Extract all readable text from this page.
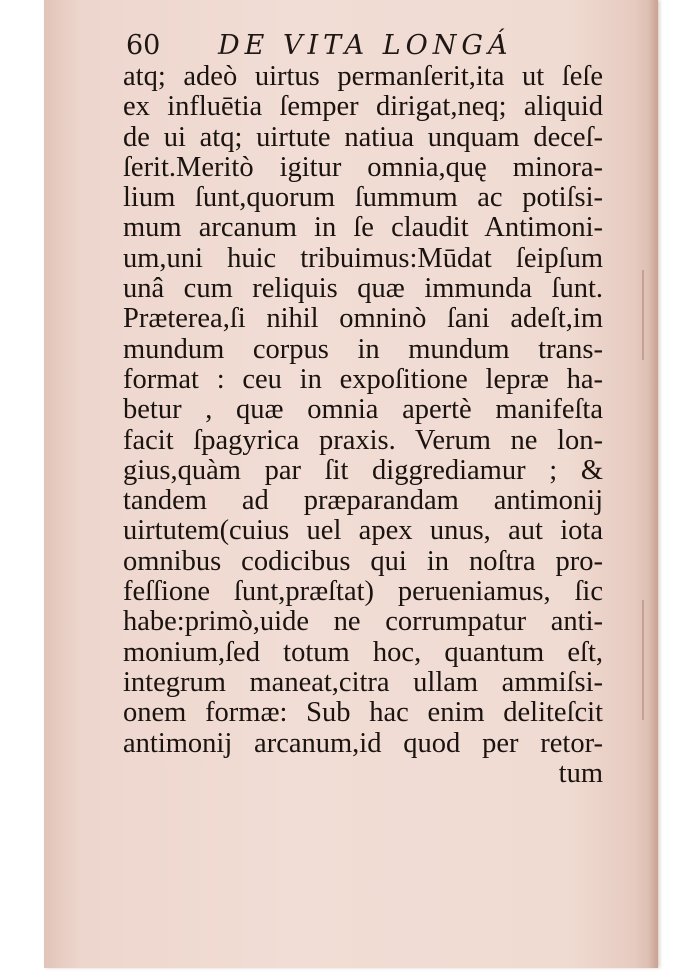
60 DE VITA LONGÁ
atq; adeò uirtus permanſerit,ita ut ſeſe
ex influētia ſemper dirigat,neq; aliquid
de ui atq; uirtute natiua unquam deceſ-
ſerit.Meritò igitur omnia,quę minora-
lium ſunt,quorum ſummum ac potiſsi-
mum arcanum in ſe claudit Antimoni-
um,uni huic tribuimus:Mūdat ſeipſum
unâ cum reliquis quæ immunda ſunt.
Præterea,ſi nihil omninò ſani adeſt,im
mundum corpus in mundum trans-
format : ceu in expoſitione lepræ ha-
betur , quæ omnia apertè manifeſta
facit ſpagyrica praxis. Verum ne lon-
gius,quàm par ſit diggrediamur ; &
tandem ad præparandam antimonij
uirtutem(cuius uel apex unus, aut iota
omnibus codicibus qui in noſtra pro-
feſſione ſunt,præſtat) perueniamus, ſic
habe:primò,uide ne corrumpatur anti-
monium,ſed totum hoc, quantum eſt,
integrum maneat,citra ullam ammiſsi-
onem formæ: Sub hac enim deliteſcit
antimonij arcanum,id quod per retor-
tum
